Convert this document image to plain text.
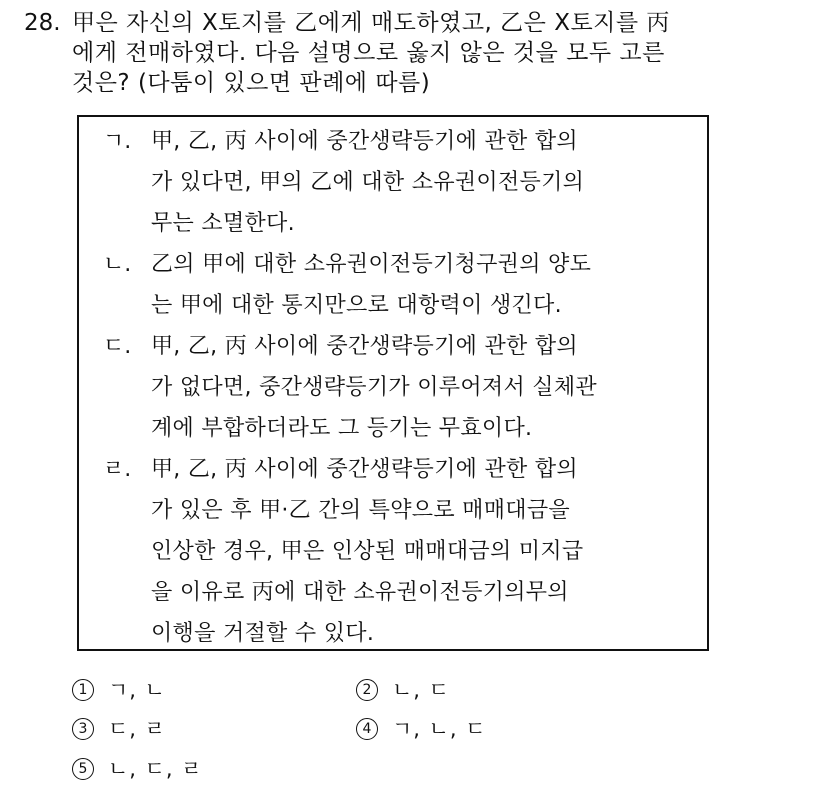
28. 甲은 자신의 X토지를 乙에게 매도하였고, 乙은 X토지를 丙
에게 전매하였다. 다음 설명으로 옳지 않은 것을 모두 고른
것은? (다툼이 있으면 판례에 따름)
ㄱ. 甲, 乙, 丙 사이에 중간생략등기에 관한 합의
가 있다면, 甲의 乙에 대한 소유권이전등기의
무는 소멸한다.
ㄴ. 乙의 甲에 대한 소유권이전등기청구권의 양도
는 甲에 대한 통지만으로 대항력이 생긴다.
ㄷ. 甲, 乙, 丙 사이에 중간생략등기에 관한 합의
가 없다면, 중간생략등기가 이루어져서 실체관
계에 부합하더라도 그 등기는 무효이다.
ㄹ. 甲, 乙, 丙 사이에 중간생략등기에 관한 합의
가 있은 후 甲·乙 간의 특약으로 매매대금을
인상한 경우, 甲은 인상된 매매대금의 미지급
을 이유로 丙에 대한 소유권이전등기의무의
이행을 거절할 수 있다.
1 ㄱ, ㄴ	2 ㄴ, ㄷ
3 ㄷ, ㄹ	4 ㄱ, ㄴ, ㄷ
5 ㄴ, ㄷ, ㄹ
